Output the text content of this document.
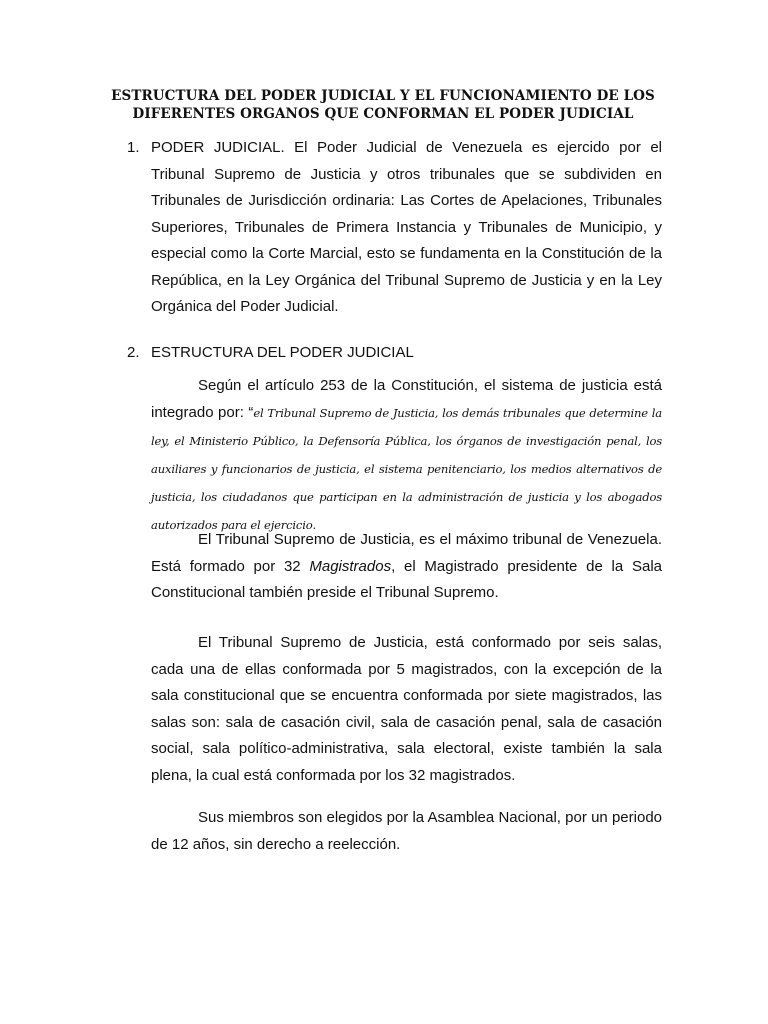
ESTRUCTURA DEL PODER JUDICIAL Y EL FUNCIONAMIENTO DE LOS
DIFERENTES ORGANOS QUE CONFORMAN EL PODER JUDICIAL

1. PODER JUDICIAL. El Poder Judicial de Venezuela es ejercido por el Tribunal Supremo de Justicia y otros tribunales que se subdividen en Tribunales de Jurisdicción ordinaria: Las Cortes de Apelaciones, Tribunales Superiores, Tribunales de Primera Instancia y Tribunales de Municipio, y especial como la Corte Marcial, esto se fundamenta en la Constitución de la República, en la Ley Orgánica del Tribunal Supremo de Justicia y en la Ley Orgánica del Poder Judicial.

2. ESTRUCTURA DEL PODER JUDICIAL

Según el artículo 253 de la Constitución, el sistema de justicia está integrado por: “el Tribunal Supremo de Justicia, los demás tribunales que determine la ley, el Ministerio Público, la Defensoría Pública, los órganos de investigación penal, los auxiliares y funcionarios de justicia, el sistema penitenciario, los medios alternativos de justicia, los ciudadanos que participan en la administración de justicia y los abogados autorizados para el ejercicio.

El Tribunal Supremo de Justicia, es el máximo tribunal de Venezuela. Está formado por 32 Magistrados, el Magistrado presidente de la Sala Constitucional también preside el Tribunal Supremo.

El Tribunal Supremo de Justicia, está conformado por seis salas, cada una de ellas conformada por 5 magistrados, con la excepción de la sala constitucional que se encuentra conformada por siete magistrados, las salas son: sala de casación civil, sala de casación penal, sala de casación social, sala político-administrativa, sala electoral, existe también la sala plena, la cual está conformada por los 32 magistrados.

Sus miembros son elegidos por la Asamblea Nacional, por un periodo de 12 años, sin derecho a reelección.
